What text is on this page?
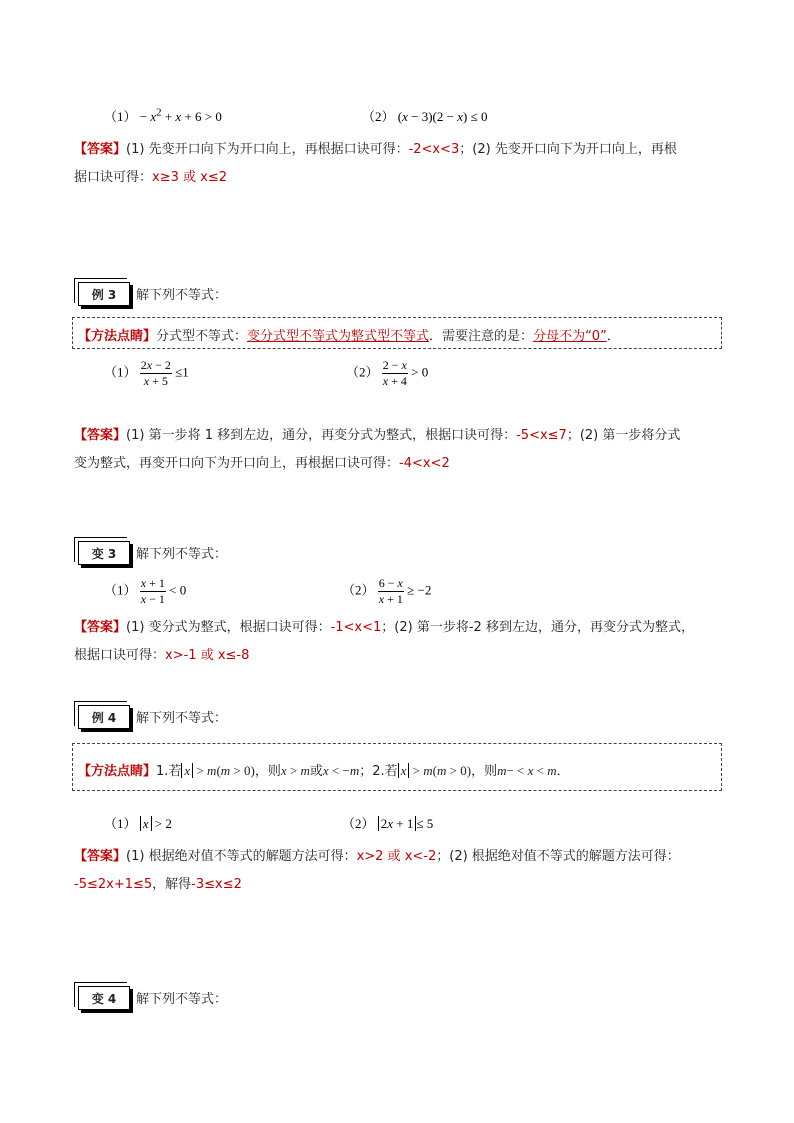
$(1) - x^2 + x + 6 > 0$	（2） (x − 3)(2 − x) ≤ 0
【答案】(1) 先变开口向下为开口向上，再根据口诀可得：-2<x<3；(2) 先变开口向下为开口向上，再根
据口诀可得：x≥3 或 x≤2
例 3 解下列不等式：
【方法点睛】分式型不等式：变分式型不等式为整式型不等式．需要注意的是：分母不为“0”．
$(1) \frac{2x - 2}{x + 5} \le 1$	$(2) \frac{2 - x}{x + 4} > 0$
【答案】(1) 第一步将 1 移到左边，通分，再变分式为整式，根据口诀可得：-5<x≤7；(2) 第一步将分式
变为整式，再变开口向下为开口向上，再根据口诀可得：-4<x<2
变 3 解下列不等式：
$(1) \frac{x + 1}{x - 1} < 0$	$(2) \frac{6 - x}{x + 1} \ge -2$
【答案】(1) 变分式为整式，根据口诀可得：-1<x<1；(2) 第一步将-2 移到左边，通分，再变分式为整式，
根据口诀可得：x>-1 或 x≤-8
例 4 解下列不等式：
【方法点睛】1.若 x > m(m > 0)，则x > m或x < −m；2.若 x > m(m > 0)，则m− < x < m．
（1） x > 2	（2） 2x + 1 ≤ 5
【答案】(1) 根据绝对值不等式的解题方法可得：x>2 或 x<-2；(2) 根据绝对值不等式的解题方法可得：
-5≤2x+1≤5，解得-3≤x≤2
变 4 解下列不等式：
